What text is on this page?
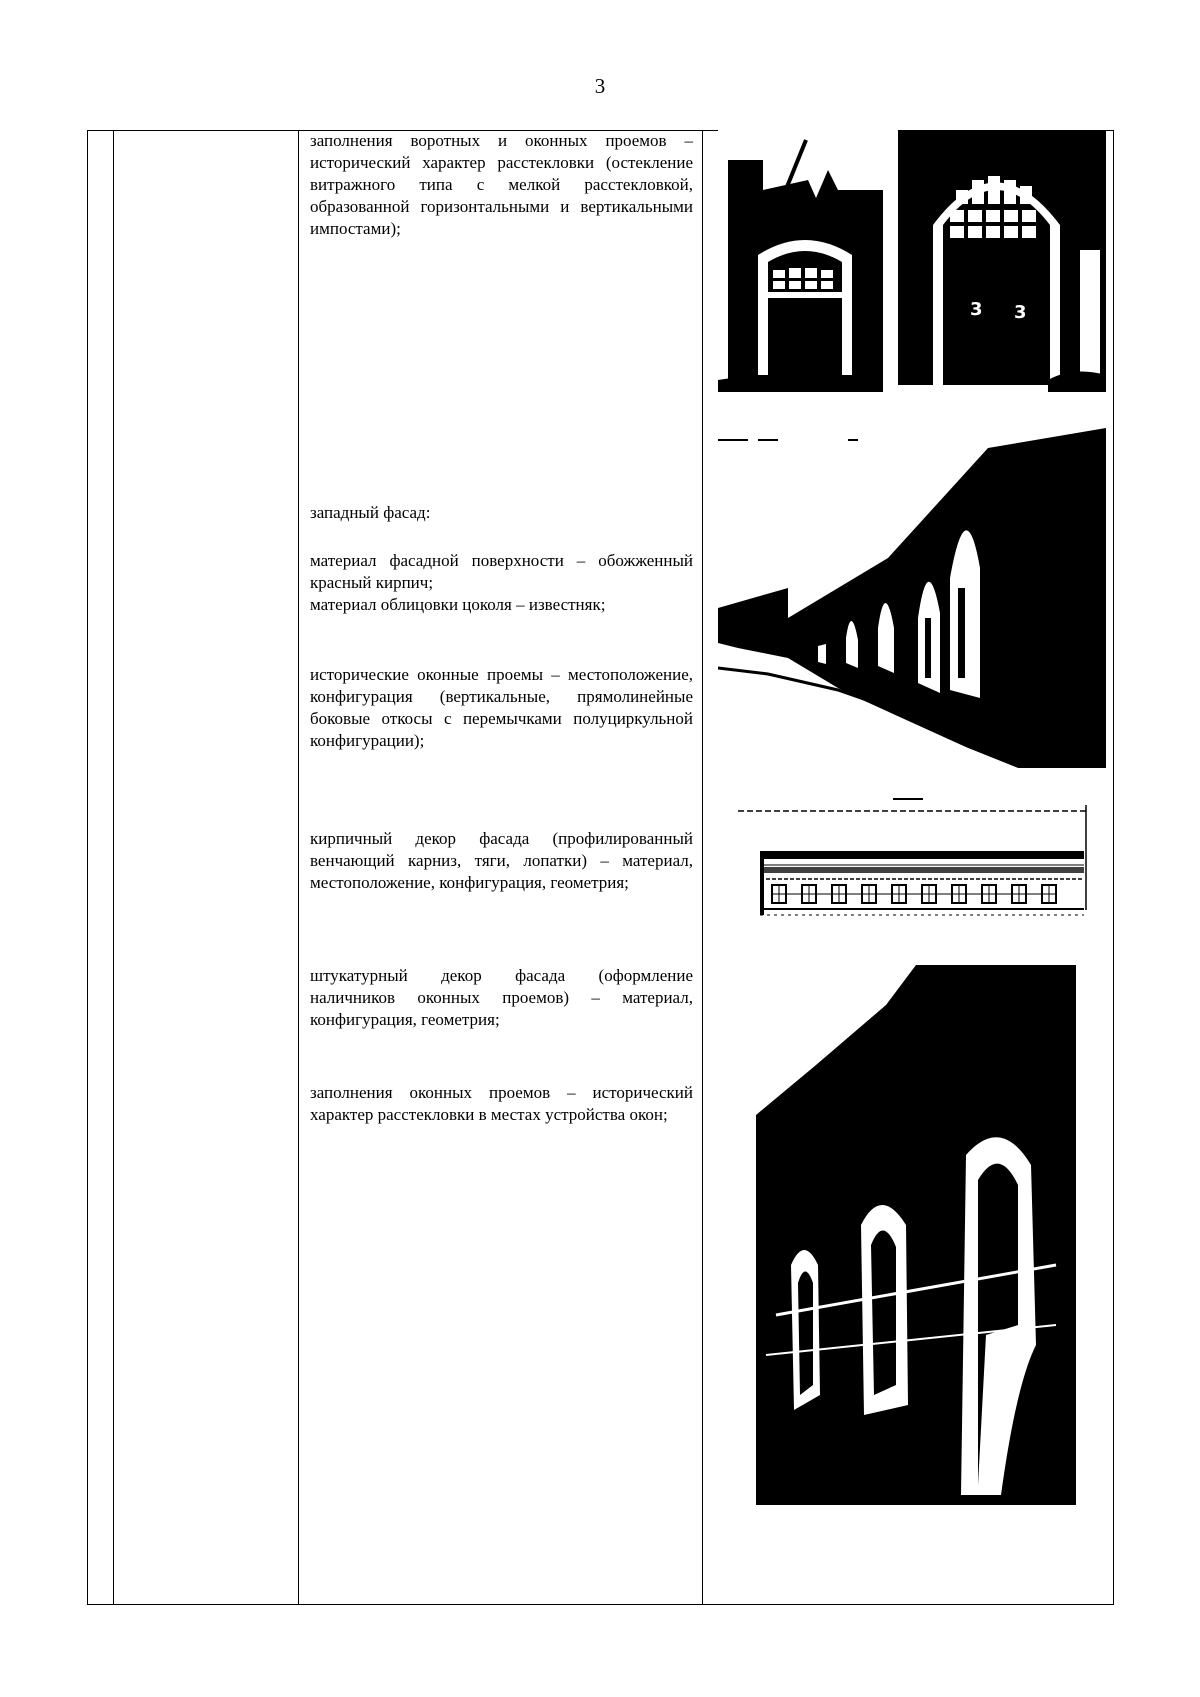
3

заполнения воротных и оконных проемов – исторический характер расстекловки (остекление витражного типа с мелкой расстекловкой, образованной горизонтальными и вертикальными импостами);

западный фасад:

материал фасадной поверхности – обожженный красный кирпич;

материал облицовки цоколя – известняк;

исторические оконные проемы – местоположение, конфигурация (вертикальные, прямолинейные боковые откосы с перемычками полуциркульной конфигурации);

кирпичный декор фасада (профилированный венчающий карниз, тяги, лопатки) – материал, местоположение, конфигурация, геометрия;

штукатурный декор фасада (оформление наличников оконных проемов) – материал, конфигурация, геометрия;

заполнения оконных проемов – исторический характер расстекловки в местах устройства окон;

3 3
